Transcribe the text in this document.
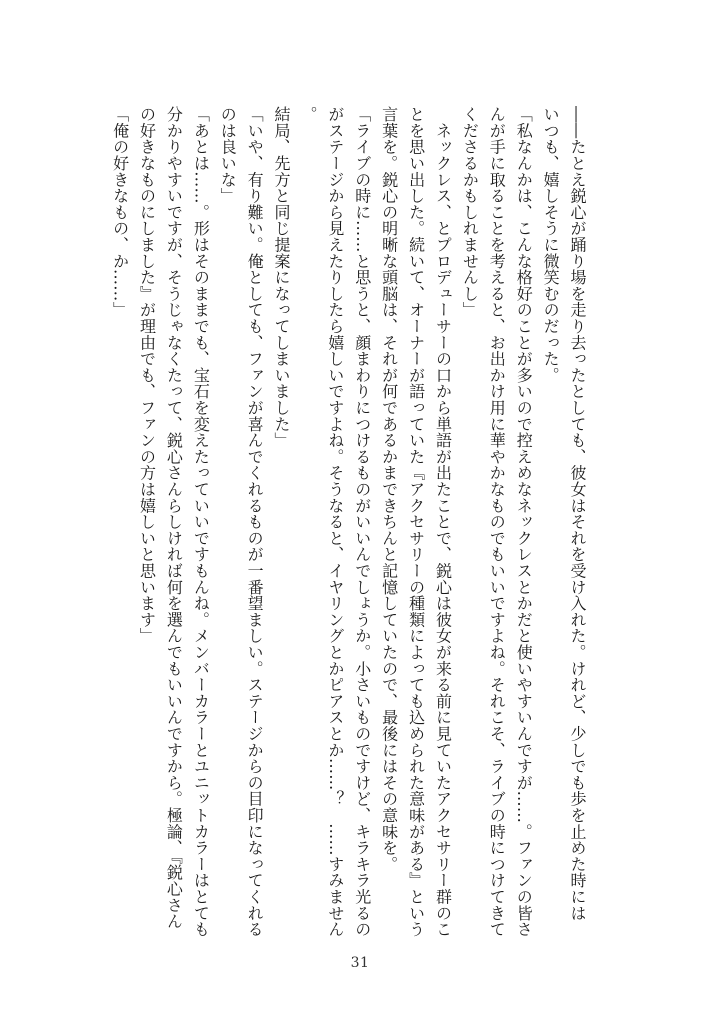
――たとえ鋭心が踊り場を走り去ったとしても、彼女はそれを受け入れた。けれど、少しでも歩を止めた時には

いつも、嬉しそうに微笑むのだった。

「私なんかは、こんな格好のことが多いので控えめなネックレスとかだと使いやすいんですが……。ファンの皆さ

んが手に取ることを考えると、お出かけ用に華やかなものでもいいですよね。それこそ、ライブの時につけてきて

くださるかもしれませんし」

　ネックレス、とプロデューサーの口から単語が出たことで、鋭心は彼女が来る前に見ていたアクセサリー群のこ

とを思い出した。続いて、オーナーが語っていた『アクセサリーの種類によっても込められた意味がある』という

言葉を。鋭心の明晰な頭脳は、それが何であるかまできちんと記憶していたので、最後にはその意味を。

「ライブの時に……と思うと、顔まわりにつけるものがいいんでしょうか。小さいものですけど、キラキラ光るの

がステージから見えたりしたら嬉しいですよね。そうなると、イヤリングとかピアスとか……？　……すみません。

結局、先方と同じ提案になってしまいました」

「いや、有り難い。俺としても、ファンが喜んでくれるものが一番望ましい。ステージからの目印になってくれる

のは良いな」

「あとは……。形はそのままでも、宝石を変えたっていいですもんね。メンバーカラーとユニットカラーはとても

分かりやすいですが、そうじゃなくたって、鋭心さんらしければ何を選んでもいいんですから。極論、『鋭心さん

の好きなものにしました』が理由でも、ファンの方は嬉しいと思います」

「俺の好きなもの、か……」

31
